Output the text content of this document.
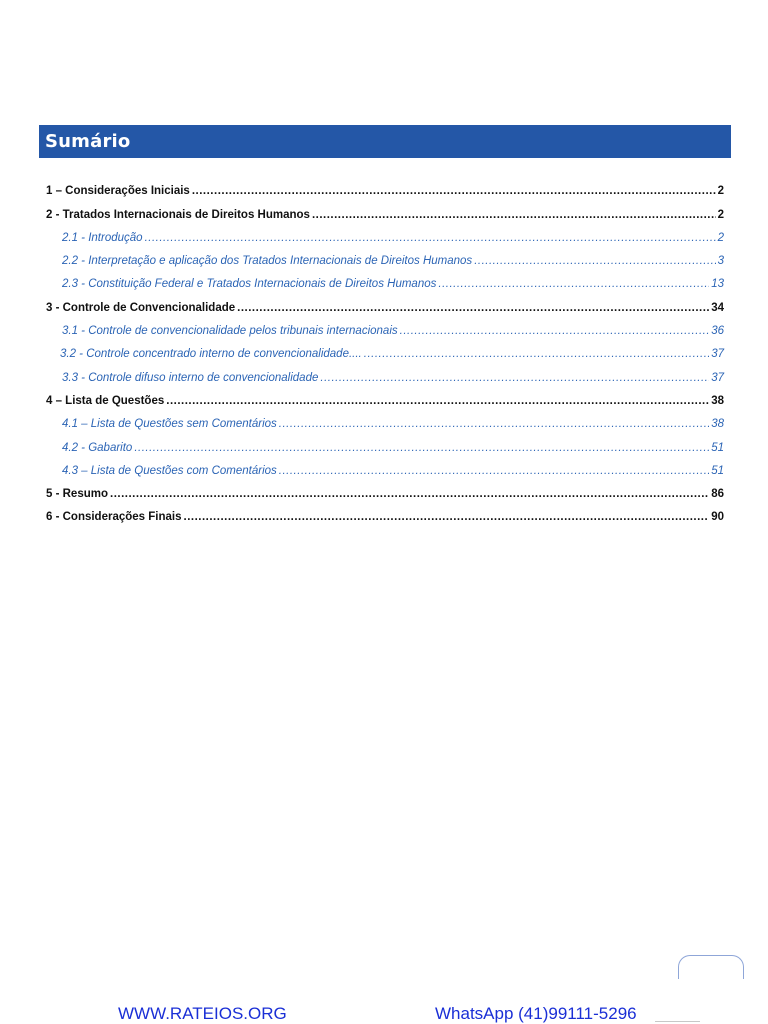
Sumário
1 – Considerações Iniciais .....	2
2 - Tratados Internacionais de Direitos Humanos .....	2
2.1 - Introdução .....	2
2.2 - Interpretação e aplicação dos Tratados Internacionais de Direitos Humanos .....	3
2.3 - Constituição Federal e Tratados Internacionais de Direitos Humanos .....	13
3 - Controle de Convencionalidade .....	34
3.1 - Controle de convencionalidade pelos tribunais internacionais .....	36
3.2 - Controle concentrado interno de convencionalidade.... .....	37
3.3 - Controle difuso interno de convencionalidade .....	37
4 – Lista de Questões .....	38
4.1 – Lista de Questões sem Comentários .....	38
4.2 - Gabarito .....	51
4.3 – Lista de Questões com Comentários .....	51
5 - Resumo .....	86
6 - Considerações Finais .....	90
WWW.RATEIOS.ORG	WhatsApp (41)99111-5296
